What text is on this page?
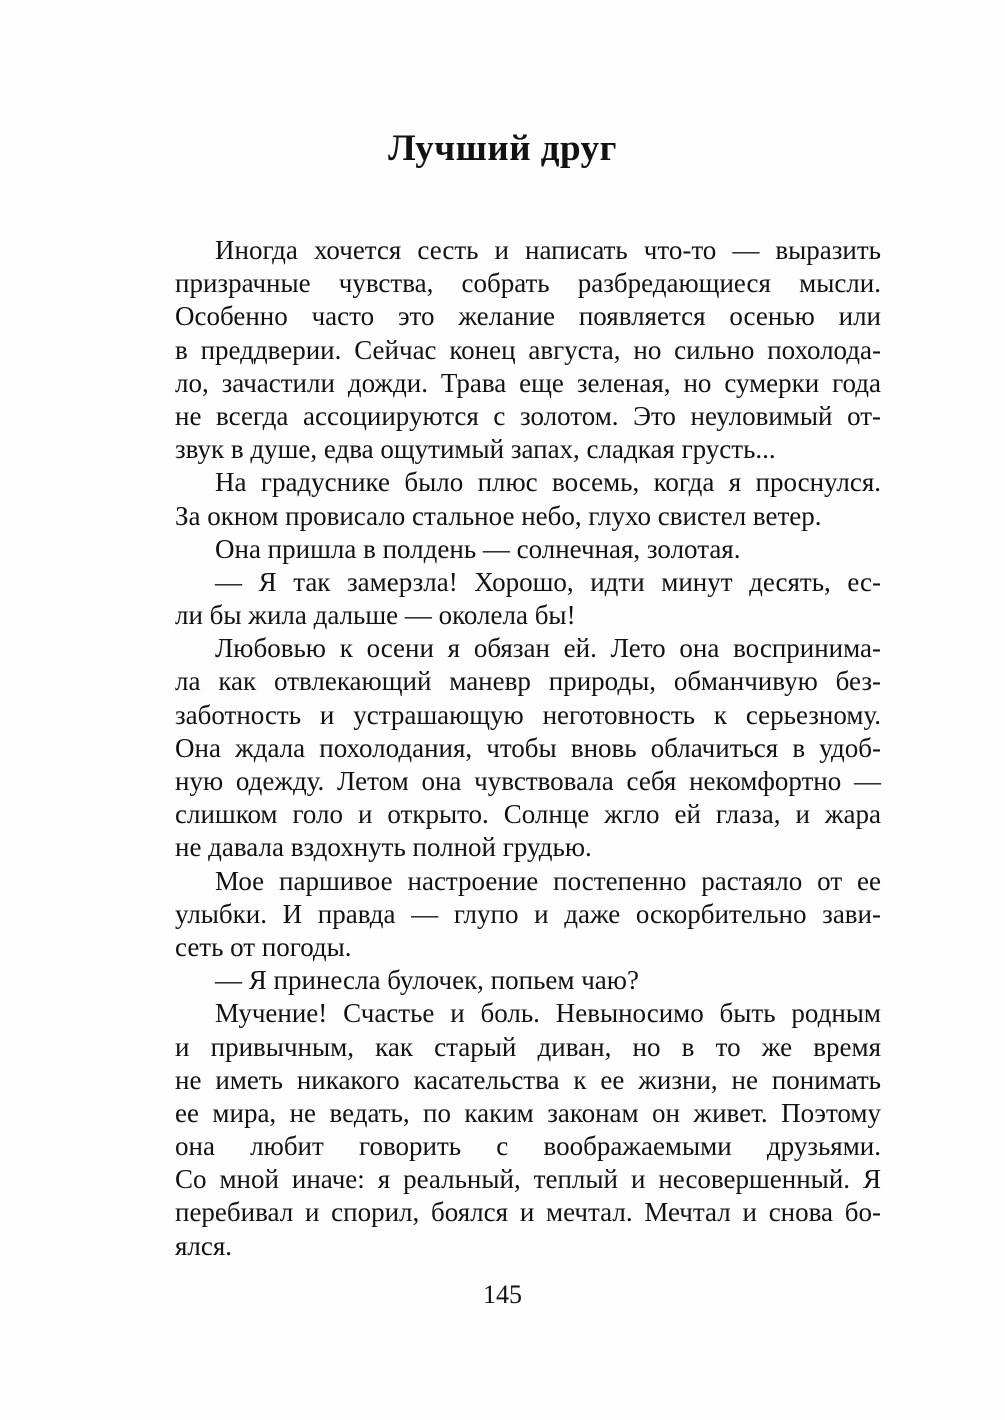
Лучший друг
Иногда хочется сесть и написать что-то — выразить
призрачные чувства, собрать разбредающиеся мысли.
Особенно часто это желание появляется осенью или
в преддверии. Сейчас конец августа, но сильно похолода-
ло, зачастили дожди. Трава еще зеленая, но сумерки года
не всегда ассоциируются с золотом. Это неуловимый от-
звук в душе, едва ощутимый запах, сладкая грусть...
На градуснике было плюс восемь, когда я проснулся.
За окном провисало стальное небо, глухо свистел ветер.
Она пришла в полдень — солнечная, золотая.
— Я так замерзла! Хорошо, идти минут десять, ес-
ли бы жила дальше — околела бы!
Любовью к осени я обязан ей. Лето она воспринима-
ла как отвлекающий маневр природы, обманчивую без-
заботность и устрашающую неготовность к серьезному.
Она ждала похолодания, чтобы вновь облачиться в удоб-
ную одежду. Летом она чувствовала себя некомфортно —
слишком голо и открыто. Солнце жгло ей глаза, и жара
не давала вздохнуть полной грудью.
Мое паршивое настроение постепенно растаяло от ее
улыбки. И правда — глупо и даже оскорбительно зави-
сеть от погоды.
— Я принесла булочек, попьем чаю?
Мучение! Счастье и боль. Невыносимо быть родным
и привычным, как старый диван, но в то же время
не иметь никакого касательства к ее жизни, не понимать
ее мира, не ведать, по каким законам он живет. Поэтому
она любит говорить с воображаемыми друзьями.
Со мной иначе: я реальный, теплый и несовершенный. Я
перебивал и спорил, боялся и мечтал. Мечтал и снова бо-
ялся.
145
